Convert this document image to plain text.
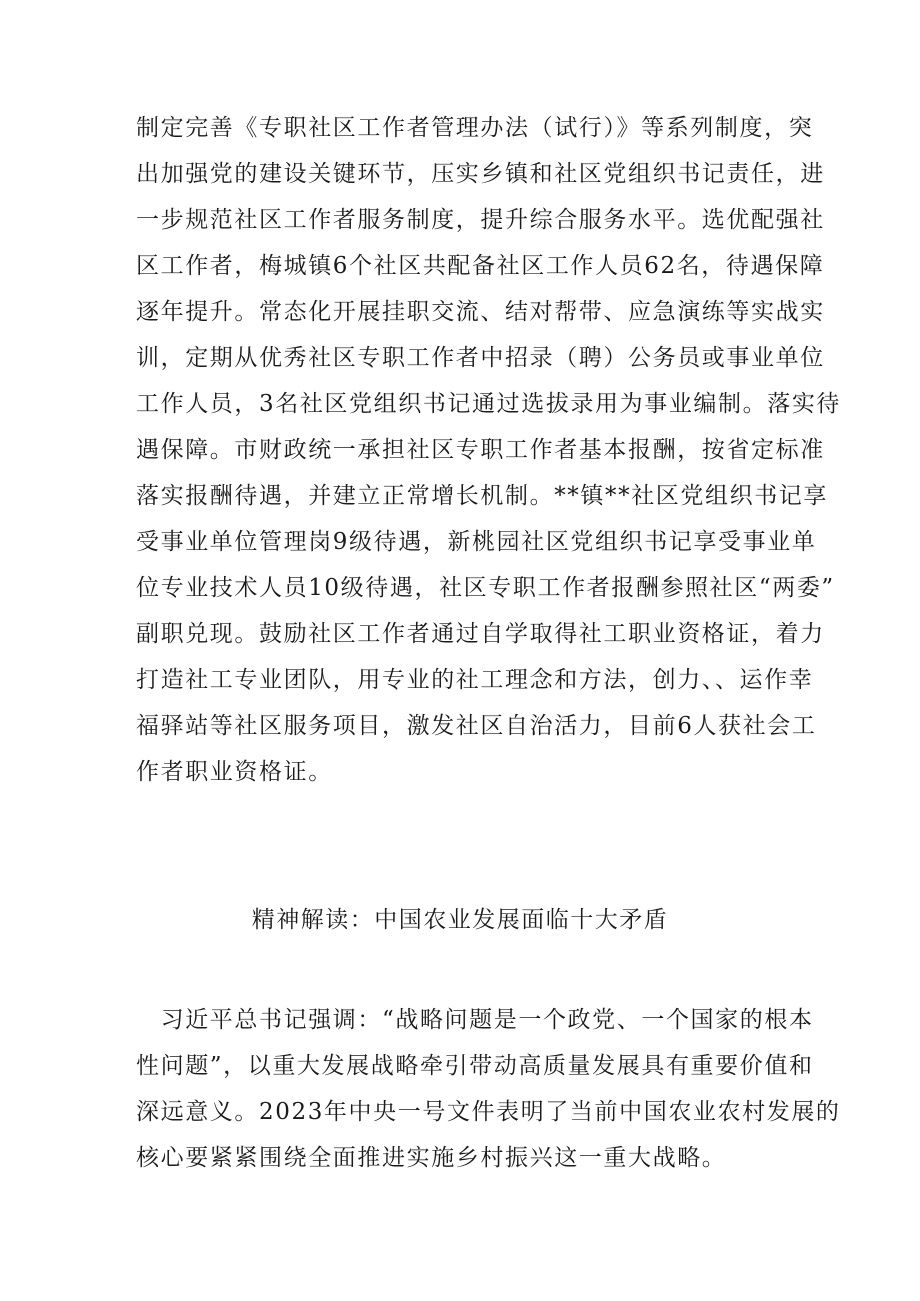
制定完善《专职社区工作者管理办法（试行）》等系列制度，突
出加强党的建设关键环节，压实乡镇和社区党组织书记责任，进
一步规范社区工作者服务制度，提升综合服务水平。选优配强社
区工作者，梅城镇6个社区共配备社区工作人员62名，待遇保障
逐年提升。常态化开展挂职交流、结对帮带、应急演练等实战实
训，定期从优秀社区专职工作者中招录（聘）公务员或事业单位
工作人员，3名社区党组织书记通过选拔录用为事业编制。落实待
遇保障。市财政统一承担社区专职工作者基本报酬，按省定标准
落实报酬待遇，并建立正常增长机制。**镇**社区党组织书记享
受事业单位管理岗9级待遇，新桃园社区党组织书记享受事业单
位专业技术人员10级待遇，社区专职工作者报酬参照社区“两委”
副职兑现。鼓励社区工作者通过自学取得社工职业资格证，着力
打造社工专业团队，用专业的社工理念和方法，创力、、运作幸
福驿站等社区服务项目，激发社区自治活力，目前6人获社会工
作者职业资格证。
精神解读：中国农业发展面临十大矛盾
　习近平总书记强调：“战略问题是一个政党、一个国家的根本
性问题”，以重大发展战略牵引带动高质量发展具有重要价值和
深远意义。2023年中央一号文件表明了当前中国农业农村发展的
核心要紧紧围绕全面推进实施乡村振兴这一重大战略。
